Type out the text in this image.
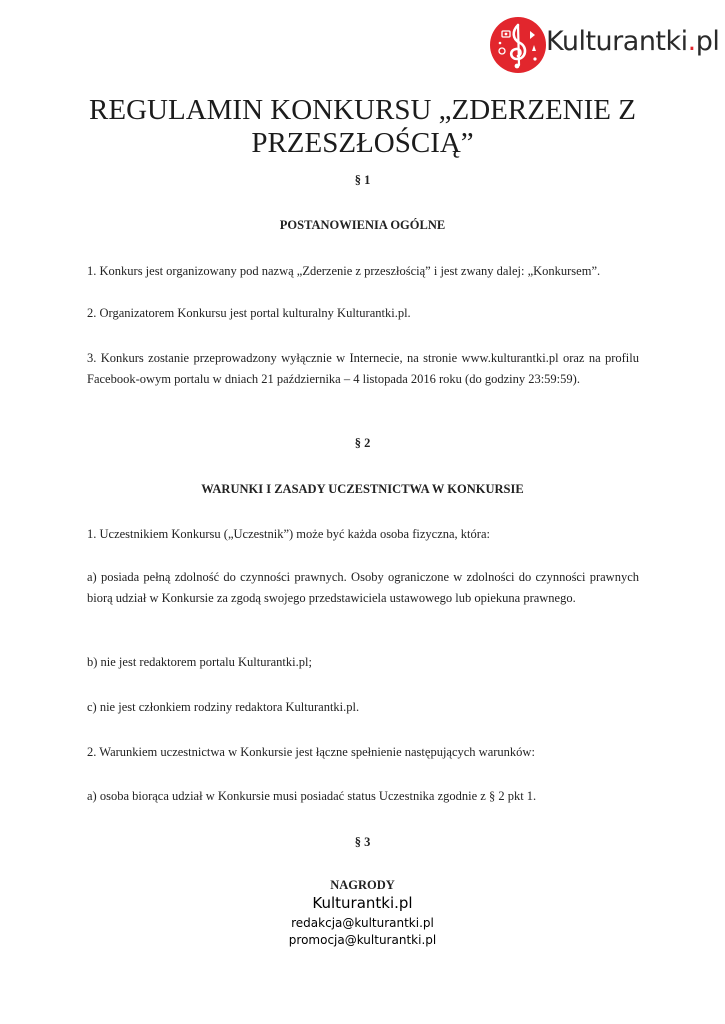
Kulturantki.pl
REGULAMIN KONKURSU „ZDERZENIE Z PRZESZŁOŚCIĄ”

§ 1

POSTANOWIENIA OGÓLNE

1. Konkurs jest organizowany pod nazwą „Zderzenie z przeszłością” i jest zwany dalej: „Konkursem”.

2. Organizatorem Konkursu jest portal kulturalny Kulturantki.pl.

3. Konkurs zostanie przeprowadzony wyłącznie w Internecie, na stronie www.kulturantki.pl oraz na profilu Facebook-owym portalu w dniach 21 października – 4 listopada 2016 roku (do godziny 23:59:59).

§ 2

WARUNKI I ZASADY UCZESTNICTWA W KONKURSIE

1. Uczestnikiem Konkursu („Uczestnik”) może być każda osoba fizyczna, która:

a) posiada pełną zdolność do czynności prawnych. Osoby ograniczone w zdolności do czynności prawnych biorą udział w Konkursie za zgodą swojego przedstawiciela ustawowego lub opiekuna prawnego.

b) nie jest redaktorem portalu Kulturantki.pl;

c) nie jest członkiem rodziny redaktora Kulturantki.pl.

2. Warunkiem uczestnictwa w Konkursie jest łączne spełnienie następujących warunków:

a) osoba biorąca udział w Konkursie musi posiadać status Uczestnika zgodnie z § 2 pkt 1.

§ 3

NAGRODY

Kulturantki.pl
redakcja@kulturantki.pl
promocja@kulturantki.pl
